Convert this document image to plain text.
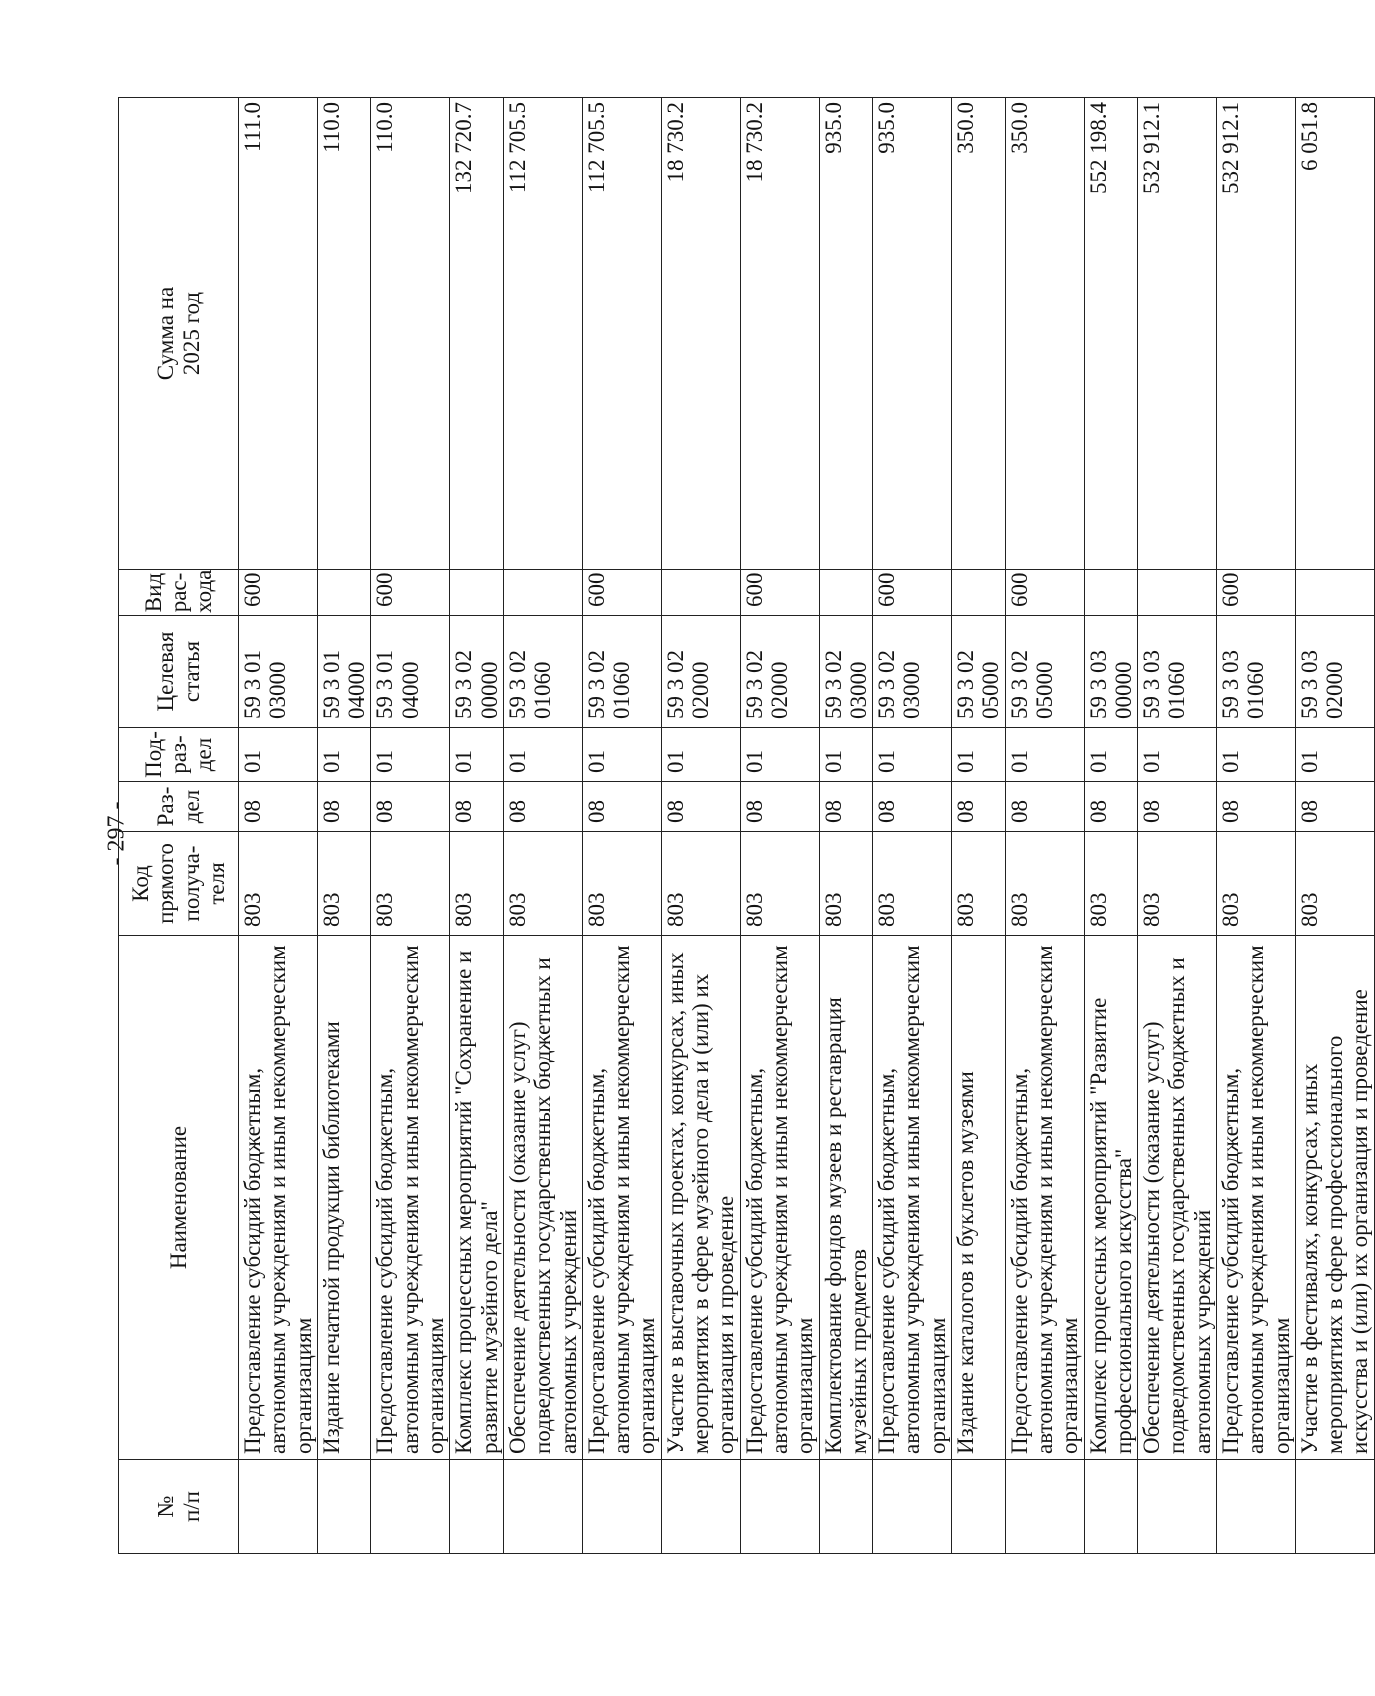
- 297 -
№
п/п	Наименование	Код
прямого
получа-
теля	Раз-
дел	Под-
раз-
дел	Целевая
статья	Вид
рас-
хода	Сумма на
2025 год
	Предоставление субсидий бюджетным, автономным учреждениям и иным некоммерческим организациям	803	08	01	59 3 01 03000	600	111.0
	Издание печатной продукции библиотеками	803	08	01	59 3 01 04000		110.0
	Предоставление субсидий бюджетным, автономным учреждениям и иным некоммерческим организациям	803	08	01	59 3 01 04000	600	110.0
	Комплекс процессных мероприятий "Сохранение и развитие музейного дела"	803	08	01	59 3 02 00000		132 720.7
	Обеспечение деятельности (оказание услуг) подведомственных государственных бюджетных и автономных учреждений	803	08	01	59 3 02 01060		112 705.5
	Предоставление субсидий бюджетным, автономным учреждениям и иным некоммерческим организациям	803	08	01	59 3 02 01060	600	112 705.5
	Участие в выставочных проектах, конкурсах, иных мероприятиях в сфере музейного дела и (или) их организация и проведение	803	08	01	59 3 02 02000		18 730.2
	Предоставление субсидий бюджетным, автономным учреждениям и иным некоммерческим организациям	803	08	01	59 3 02 02000	600	18 730.2
	Комплектование фондов музеев и реставрация музейных предметов	803	08	01	59 3 02 03000		935.0
	Предоставление субсидий бюджетным, автономным учреждениям и иным некоммерческим организациям	803	08	01	59 3 02 03000	600	935.0
	Издание каталогов и буклетов музеями	803	08	01	59 3 02 05000		350.0
	Предоставление субсидий бюджетным, автономным учреждениям и иным некоммерческим организациям	803	08	01	59 3 02 05000	600	350.0
	Комплекс процессных мероприятий "Развитие профессионального искусства"	803	08	01	59 3 03 00000		552 198.4
	Обеспечение деятельности (оказание услуг) подведомственных государственных бюджетных и автономных учреждений	803	08	01	59 3 03 01060		532 912.1
	Предоставление субсидий бюджетным, автономным учреждениям и иным некоммерческим организациям	803	08	01	59 3 03 01060	600	532 912.1
	Участие в фестивалях, конкурсах, иных мероприятиях в сфере профессионального искусства и (или) их организация и проведение	803	08	01	59 3 03 02000		6 051.8
